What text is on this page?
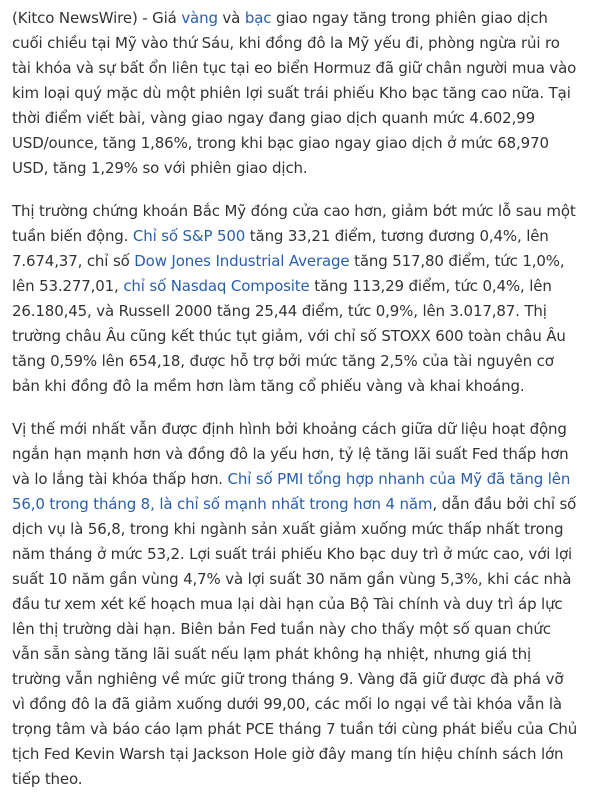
(Kitco NewsWire) - Giá vàng và bạc giao ngay tăng trong phiên giao dịch cuối chiều tại Mỹ vào thứ Sáu, khi đồng đô la Mỹ yếu đi, phòng ngừa rủi ro tài khóa và sự bất ổn liên tục tại eo biển Hormuz đã giữ chân người mua vào kim loại quý mặc dù một phiên lợi suất trái phiếu Kho bạc tăng cao nữa. Tại thời điểm viết bài, vàng giao ngay đang giao dịch quanh mức 4.602,99 USD/ounce, tăng 1,86%, trong khi bạc giao ngay giao dịch ở mức 68,970 USD, tăng 1,29% so với phiên giao dịch.

Thị trường chứng khoán Bắc Mỹ đóng cửa cao hơn, giảm bớt mức lỗ sau một tuần biến động. Chỉ số S&P 500 tăng 33,21 điểm, tương đương 0,4%, lên 7.674,37, chỉ số Dow Jones Industrial Average tăng 517,80 điểm, tức 1,0%, lên 53.277,01, chỉ số Nasdaq Composite tăng 113,29 điểm, tức 0,4%, lên 26.180,45, và Russell 2000 tăng 25,44 điểm, tức 0,9%, lên 3.017,87. Thị trường châu Âu cũng kết thúc tụt giảm, với chỉ số STOXX 600 toàn châu Âu tăng 0,59% lên 654,18, được hỗ trợ bởi mức tăng 2,5% của tài nguyên cơ bản khi đồng đô la mềm hơn làm tăng cổ phiếu vàng và khai khoáng.

Vị thế mới nhất vẫn được định hình bởi khoảng cách giữa dữ liệu hoạt động ngắn hạn mạnh hơn và đồng đô la yếu hơn, tỷ lệ tăng lãi suất Fed thấp hơn và lo lắng tài khóa thấp hơn. Chỉ số PMI tổng hợp nhanh của Mỹ đã tăng lên 56,0 trong tháng 8, là chỉ số mạnh nhất trong hơn 4 năm, dẫn đầu bởi chỉ số dịch vụ là 56,8, trong khi ngành sản xuất giảm xuống mức thấp nhất trong năm tháng ở mức 53,2. Lợi suất trái phiếu Kho bạc duy trì ở mức cao, với lợi suất 10 năm gần vùng 4,7% và lợi suất 30 năm gần vùng 5,3%, khi các nhà đầu tư xem xét kế hoạch mua lại dài hạn của Bộ Tài chính và duy trì áp lực lên thị trường dài hạn. Biên bản Fed tuần này cho thấy một số quan chức vẫn sẵn sàng tăng lãi suất nếu lạm phát không hạ nhiệt, nhưng giá thị trường vẫn nghiêng về mức giữ trong tháng 9. Vàng đã giữ được đà phá vỡ vì đồng đô la đã giảm xuống dưới 99,00, các mối lo ngại về tài khóa vẫn là trọng tâm và báo cáo lạm phát PCE tháng 7 tuần tới cùng phát biểu của Chủ tịch Fed Kevin Warsh tại Jackson Hole giờ đây mang tín hiệu chính sách lớn tiếp theo.
